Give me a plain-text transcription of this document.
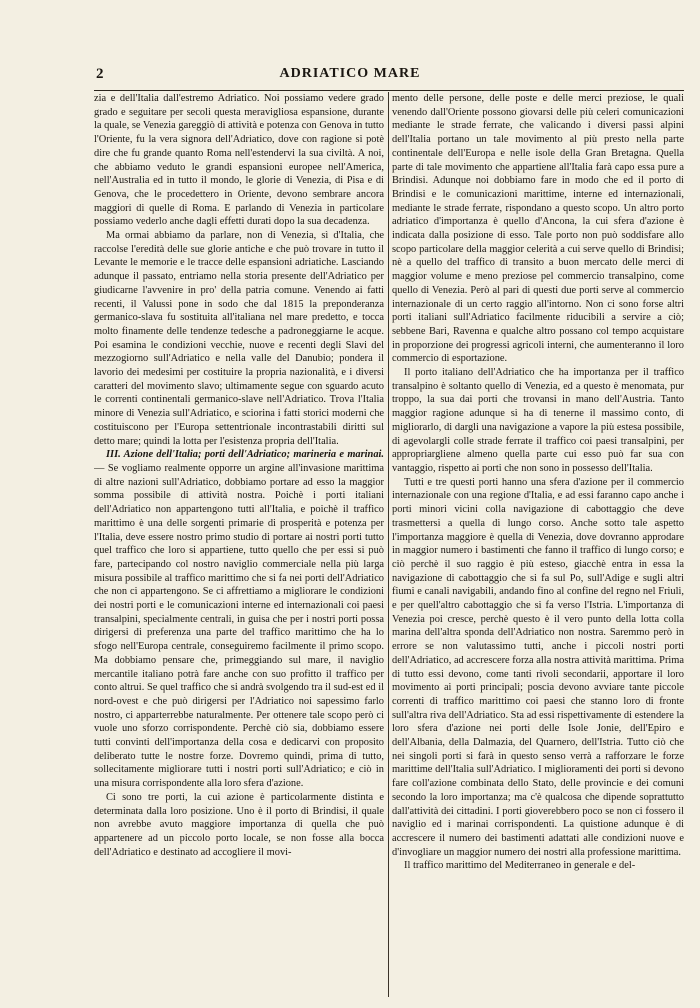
2	ADRIATICO MARE

zia e dell'Italia dall'estremo Adriatico. Noi possiamo vedere grado grado e seguitare per secoli questa meravigliosa espansione, durante la quale, se Venezia gareggiò di attività e potenza con Genova in tutto l'Oriente, fu la vera signora dell'Adriatico, dove con ragione si potè dire che fu grande quanto Roma nell'estendervi la sua civiltà. A noi, che abbiamo veduto le grandi espansioni europee nell'America, nell'Australia ed in tutto il mondo, le glorie di Venezia, di Pisa e di Genova, che le procedettero in Oriente, devono sembrare ancora maggiori di quelle di Roma. E parlando di Venezia in particolare possiamo vederlo anche dagli effetti durati dopo la sua decadenza.

Ma ormai abbiamo da parlare, non di Venezia, sì d'Italia, che raccolse l'eredità delle sue glorie antiche e che può trovare in tutto il Levante le memorie e le tracce delle espansioni adriatiche. Lasciando adunque il passato, entriamo nella storia presente dell'Adriatico per giudicarne l'avvenire in pro' della patria comune. Venendo ai fatti recenti, il Valussi pone in sodo che dal 1815 la preponderanza germanico-slava fu sostituita all'italiana nel mare predetto, e tocca molto finamente delle tendenze tedesche a padroneggiarne le acque. Poi esamina le condizioni vecchie, nuove e recenti degli Slavi del mezzogiorno sull'Adriatico e nella valle del Danubio; pondera il lavorio dei medesimi per costituire la propria nazionalità, e i diversi caratteri del movimento slavo; ultimamente segue con sguardo acuto le correnti continentali germanico-slave nell'Adriatico. Trova l'Italia minore di Venezia sull'Adriatico, e sciorina i fatti storici moderni che costituiscono per l'Europa settentrionale incontrastabili diritti sul detto mare; quindi la lotta per l'esistenza propria dell'Italia.

III. Azione dell'Italia; porti dell'Adriatico; marineria e marinai. — Se vogliamo realmente opporre un argine all'invasione marittima di altre nazioni sull'Adriatico, dobbiamo portare ad esso la maggior somma possibile di attività nostra. Poichè i porti italiani dell'Adriatico non appartengono tutti all'Italia, e poichè il traffico marittimo è una delle sorgenti primarie di prosperità e potenza per l'Italia, deve essere nostro primo studio di portare ai nostri porti tutto quel traffico che loro si appartiene, tutto quello che per essi si può fare, partecipando col nostro naviglio commerciale nella più larga misura possibile al traffico marittimo che si fa nei porti dell'Adriatico che non ci appartengono. Se ci affrettiamo a migliorare le condizioni dei nostri porti e le comunicazioni interne ed internazionali coi paesi transalpini, specialmente centrali, in guisa che per i nostri porti possa dirigersi di preferenza una parte del traffico marittimo che ha lo sfogo nell'Europa centrale, conseguiremo facilmente il primo scopo. Ma dobbiamo pensare che, primeggiando sul mare, il naviglio mercantile italiano potrà fare anche con suo profitto il traffico per conto altrui. Se quel traffico che si andrà svolgendo tra il sud-est ed il nord-ovest e che può dirigersi per l'Adriatico noi sapessimo farlo nostro, ci apparterrebbe naturalmente. Per ottenere tale scopo però ci vuole uno sforzo corrispondente. Perchè ciò sia, dobbiamo essere tutti convinti dell'importanza della cosa e dedicarvi con proposito deliberato tutte le nostre forze. Dovremo quindi, prima di tutto, sollecitamente migliorare tutti i nostri porti sull'Adriatico; e ciò in una misura corrispondente alla loro sfera d'azione.

Ci sono tre porti, la cui azione è particolarmente distinta e determinata dalla loro posizione. Uno è il porto di Brindisi, il quale non avrebbe avuto maggiore importanza di quella che può appartenere ad un piccolo porto locale, se non fosse alla bocca dell'Adriatico e destinato ad accogliere il movi-

mento delle persone, delle poste e delle merci preziose, le quali venendo dall'Oriente possono giovarsi delle più celeri comunicazioni mediante le strade ferrate, che valicando i diversi passi alpini dell'Italia portano un tale movimento al più presto nella parte continentale dell'Europa e nelle isole della Gran Bretagna. Quella parte di tale movimento che appartiene all'Italia farà capo essa pure a Brindisi. Adunque noi dobbiamo fare in modo che ed il porto di Brindisi e le comunicazioni marittime, interne ed internazionali, mediante le strade ferrate, rispondano a questo scopo. Un altro porto adriatico d'importanza è quello d'Ancona, la cui sfera d'azione è indicata dalla posizione di esso. Tale porto non può soddisfare allo scopo particolare della maggior celerità a cui serve quello di Brindisi; nè a quello del traffico di transito a buon mercato delle merci di maggior volume e meno preziose pel commercio transalpino, come quello di Venezia. Però al pari di questi due porti serve al commercio internazionale di un certo raggio all'intorno. Non ci sono forse altri porti italiani sull'Adriatico facilmente riducibili a servire a ciò; sebbene Bari, Ravenna e qualche altro possano col tempo acquistare in proporzione dei progressi agricoli interni, che aumenteranno il loro commercio di esportazione.

Il porto italiano dell'Adriatico che ha importanza per il traffico transalpino è soltanto quello di Venezia, ed a questo è menomata, pur troppo, la sua dai porti che trovansi in mano dell'Austria. Tanto maggior ragione adunque si ha di tenerne il massimo conto, di migliorarlo, di dargli una navigazione a vapore la più estesa possibile, di agevolargli colle strade ferrate il traffico coi paesi transalpini, per appropriargliene almeno quella parte cui esso può far sua con vantaggio, rispetto ai porti che non sono in possesso dell'Italia.

Tutti e tre questi porti hanno una sfera d'azione per il commercio internazionale con una regione d'Italia, e ad essi faranno capo anche i porti minori vicini colla navigazione di cabottaggio che deve trasmettersi a quella di lungo corso. Anche sotto tale aspetto l'importanza maggiore è quella di Venezia, dove dovranno approdare in maggior numero i bastimenti che fanno il traffico di lungo corso; e ciò perchè il suo raggio è più esteso, giacchè entra in essa la navigazione di cabottaggio che si fa sul Po, sull'Adige e sugli altri fiumi e canali navigabili, andando fino al confine del regno nel Friuli, e per quell'altro cabottaggio che si fa verso l'Istria. L'importanza di Venezia poi cresce, perchè questo è il vero punto della lotta colla marina dell'altra sponda dell'Adriatico non nostra. Saremmo però in errore se non valutassimo tutti, anche i piccoli nostri porti dell'Adriatico, ad accrescere forza alla nostra attività marittima. Prima di tutto essi devono, come tanti rivoli secondarii, apportare il loro movimento ai porti principali; poscia devono avviare tante piccole correnti di traffico marittimo coi paesi che stanno loro di fronte sull'altra riva dell'Adriatico. Sta ad essi rispettivamente di estendere la loro sfera d'azione nei porti delle Isole Jonie, dell'Epiro e dell'Albania, della Dalmazia, del Quarnero, dell'Istria. Tutto ciò che nei singoli porti si farà in questo senso verrà a rafforzare le forze marittime dell'Italia sull'Adriatico. I miglioramenti dei porti si devono fare coll'azione combinata dello Stato, delle provincie e dei comuni secondo la loro importanza; ma c'è qualcosa che dipende soprattutto dall'attività dei cittadini. I porti gioverebbero poco se non ci fossero il naviglio ed i marinai corrispondenti. La quistione adunque è di accrescere il numero dei bastimenti adattati alle condizioni nuove e d'invogliare un maggior numero dei nostri alla professione marittima.

Il traffico marittimo del Mediterraneo in generale e del-
